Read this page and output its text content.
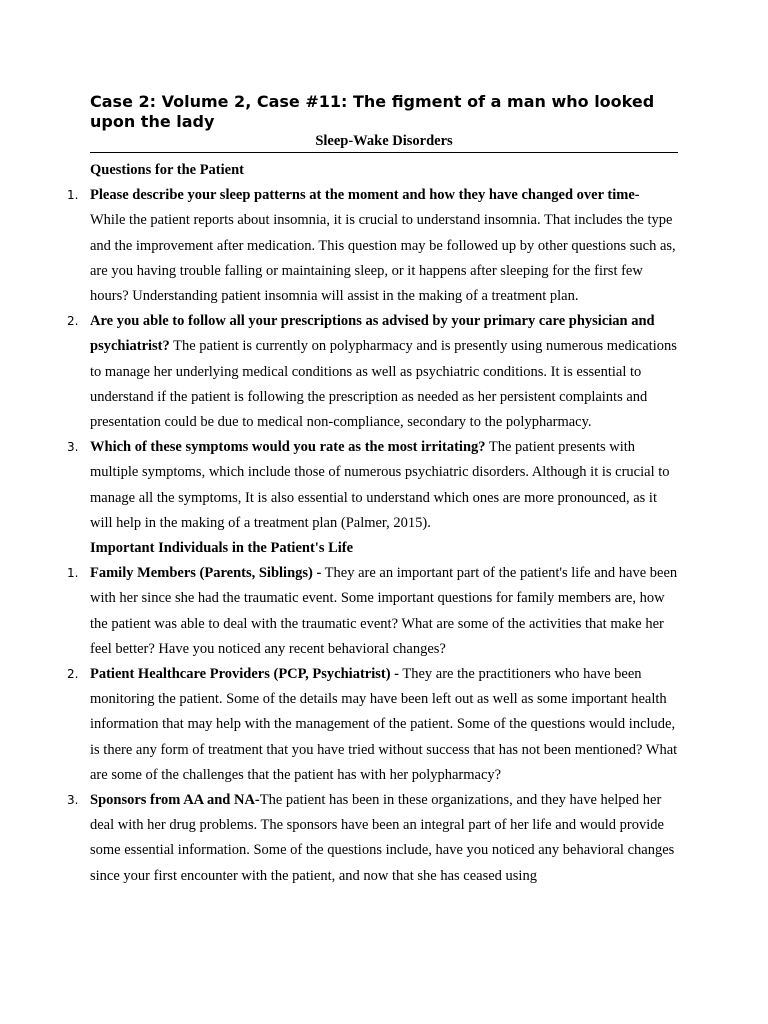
Case 2: Volume 2, Case #11: The figment of a man who looked upon the lady
Sleep-Wake Disorders
Questions for the Patient
1. Please describe your sleep patterns at the moment and how they have changed over time- While the patient reports about insomnia, it is crucial to understand insomnia. That includes the type and the improvement after medication. This question may be followed up by other questions such as, are you having trouble falling or maintaining sleep, or it happens after sleeping for the first few hours? Understanding patient insomnia will assist in the making of a treatment plan.
2. Are you able to follow all your prescriptions as advised by your primary care physician and psychiatrist? The patient is currently on polypharmacy and is presently using numerous medications to manage her underlying medical conditions as well as psychiatric conditions. It is essential to understand if the patient is following the prescription as needed as her persistent complaints and presentation could be due to medical non-compliance, secondary to the polypharmacy.
3. Which of these symptoms would you rate as the most irritating? The patient presents with multiple symptoms, which include those of numerous psychiatric disorders. Although it is crucial to manage all the symptoms, It is also essential to understand which ones are more pronounced, as it will help in the making of a treatment plan (Palmer, 2015).
Important Individuals in the Patient's Life
1. Family Members (Parents, Siblings) - They are an important part of the patient's life and have been with her since she had the traumatic event. Some important questions for family members are, how the patient was able to deal with the traumatic event? What are some of the activities that make her feel better? Have you noticed any recent behavioral changes?
2. Patient Healthcare Providers (PCP, Psychiatrist) - They are the practitioners who have been monitoring the patient. Some of the details may have been left out as well as some important health information that may help with the management of the patient. Some of the questions would include, is there any form of treatment that you have tried without success that has not been mentioned? What are some of the challenges that the patient has with her polypharmacy?
3. Sponsors from AA and NA-The patient has been in these organizations, and they have helped her deal with her drug problems. The sponsors have been an integral part of her life and would provide some essential information. Some of the questions include, have you noticed any behavioral changes since your first encounter with the patient, and now that she has ceased using
